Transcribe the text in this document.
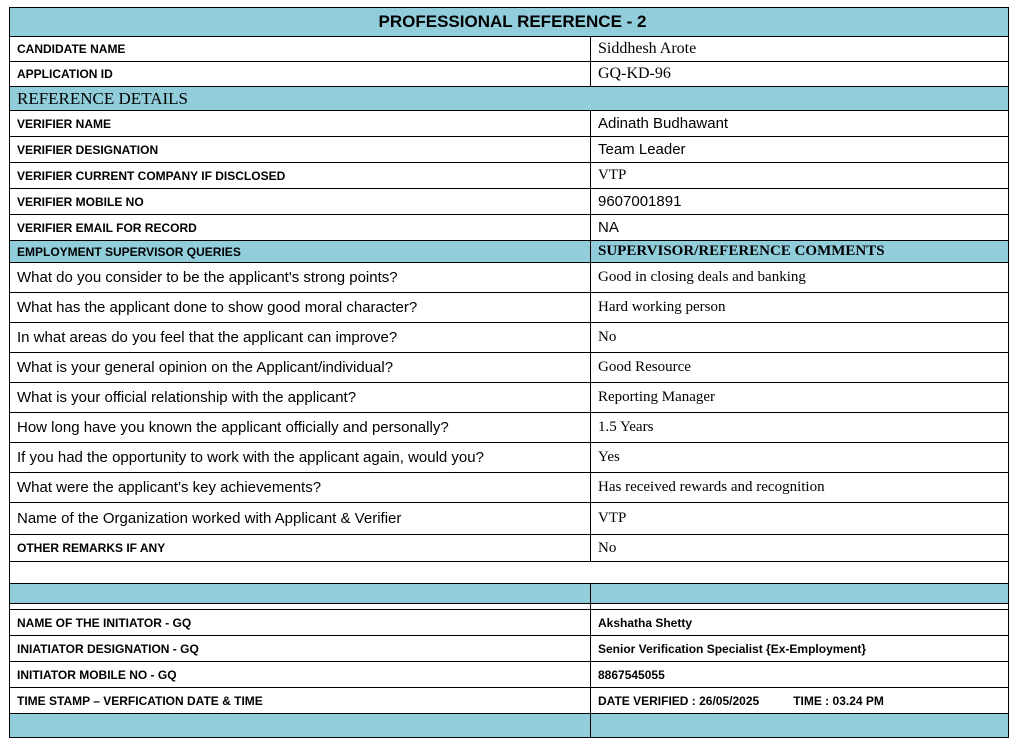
PROFESSIONAL REFERENCE - 2	
CANDIDATE NAME	Siddhesh Arote
APPLICATION ID	GQ-KD-96
REFERENCE DETAILS	
VERIFIER NAME	Adinath Budhawant
VERIFIER DESIGNATION	Team Leader
VERIFIER CURRENT COMPANY IF DISCLOSED	VTP
VERIFIER MOBILE NO	9607001891
VERIFIER EMAIL FOR RECORD	NA
EMPLOYMENT SUPERVISOR QUERIES	SUPERVISOR/REFERENCE COMMENTS
What do you consider to be the applicant's strong points?	Good in closing deals and banking
What has the applicant done to show good moral character?	Hard working person
In what areas do you feel that the applicant can improve?	No
What is your general opinion on the Applicant/individual?	Good Resource
What is your official relationship with the applicant?	Reporting Manager
How long have you known the applicant officially and personally?	1.5 Years
If you had the opportunity to work with the applicant again, would you?	Yes
What were the applicant’s key achievements?	Has received rewards and recognition
Name of the Organization worked with Applicant & Verifier	VTP
OTHER REMARKS IF ANY	No

NAME OF THE INITIATOR - GQ	Akshatha Shetty
INIATIATOR DESIGNATION - GQ	Senior Verification Specialist {Ex-Employment}
INITIATOR MOBILE NO - GQ	8867545055
TIME STAMP – VERFICATION DATE & TIME	DATE VERIFIED : 26/05/2025 TIME : 03.24 PM
